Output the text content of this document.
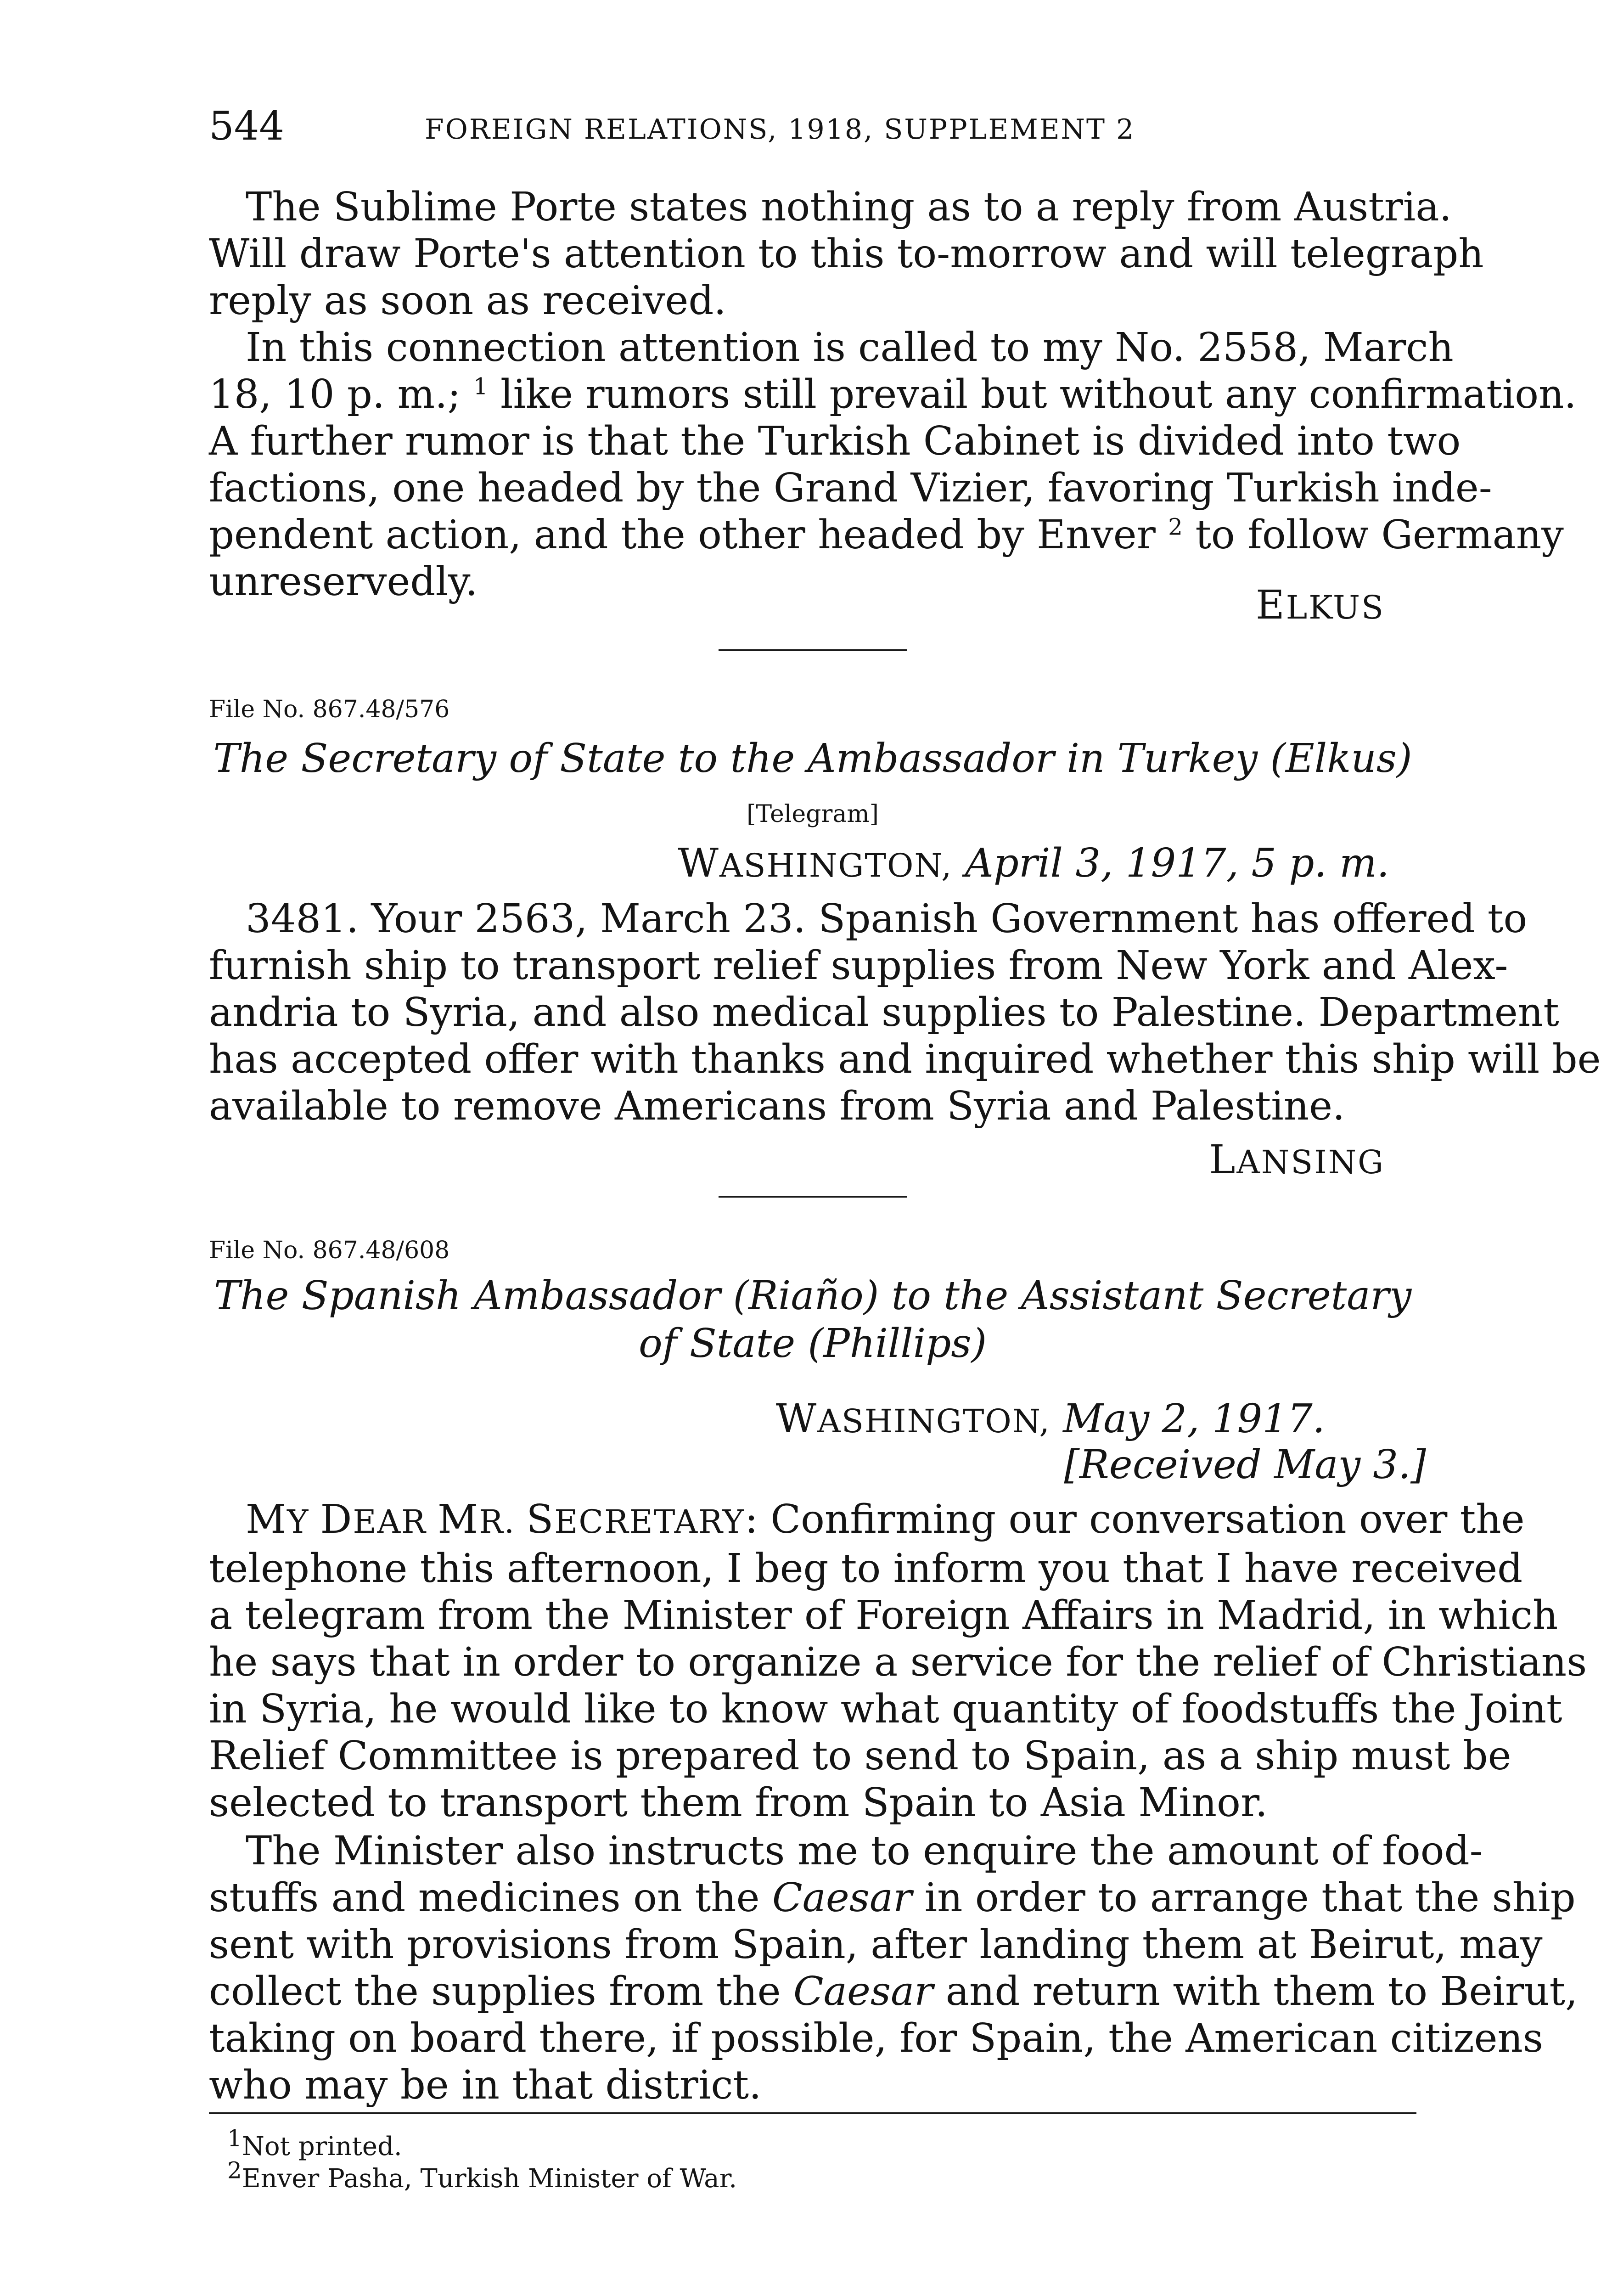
544	FOREIGN RELATIONS, 1918, SUPPLEMENT 2
The Sublime Porte states nothing as to a reply from Austria.
Will draw Porte's attention to this to-morrow and will telegraph
reply as soon as received.
In this connection attention is called to my No. 2558, March
18, 10 p. m.; $^1$ like rumors still prevail but without any confirmation.
A further rumor is that the Turkish Cabinet is divided into two
factions, one headed by the Grand Vizier, favoring Turkish inde-
pendent action, and the other headed by Enver $^2$ to follow Germany
unreservedly.
ELKUS
File No. 867.48/576
The Secretary of State to the Ambassador in Turkey (Elkus)
[Telegram]
WASHINGTON, April 3, 1917, 5 p. m.
3481. Your 2563, March 23. Spanish Government has offered to
furnish ship to transport relief supplies from New York and Alex-
andria to Syria, and also medical supplies to Palestine. Department
has accepted offer with thanks and inquired whether this ship will be
available to remove Americans from Syria and Palestine.
LANSING
File No. 867.48/608
The Spanish Ambassador (Riaño) to the Assistant Secretary
of State (Phillips)
WASHINGTON, May 2, 1917.
[Received May 3.]
MY DEAR MR. SECRETARY: Confirming our conversation over the
telephone this afternoon, I beg to inform you that I have received
a telegram from the Minister of Foreign Affairs in Madrid, in which
he says that in order to organize a service for the relief of Christians
in Syria, he would like to know what quantity of foodstuffs the Joint
Relief Committee is prepared to send to Spain, as a ship must be
selected to transport them from Spain to Asia Minor.
The Minister also instructs me to enquire the amount of food-
stuffs and medicines on the Caesar in order to arrange that the ship
sent with provisions from Spain, after landing them at Beirut, may
collect the supplies from the Caesar and return with them to Beirut,
taking on board there, if possible, for Spain, the American citizens
who may be in that district.
$^1$Not printed.
$^2$Enver Pasha, Turkish Minister of War.
